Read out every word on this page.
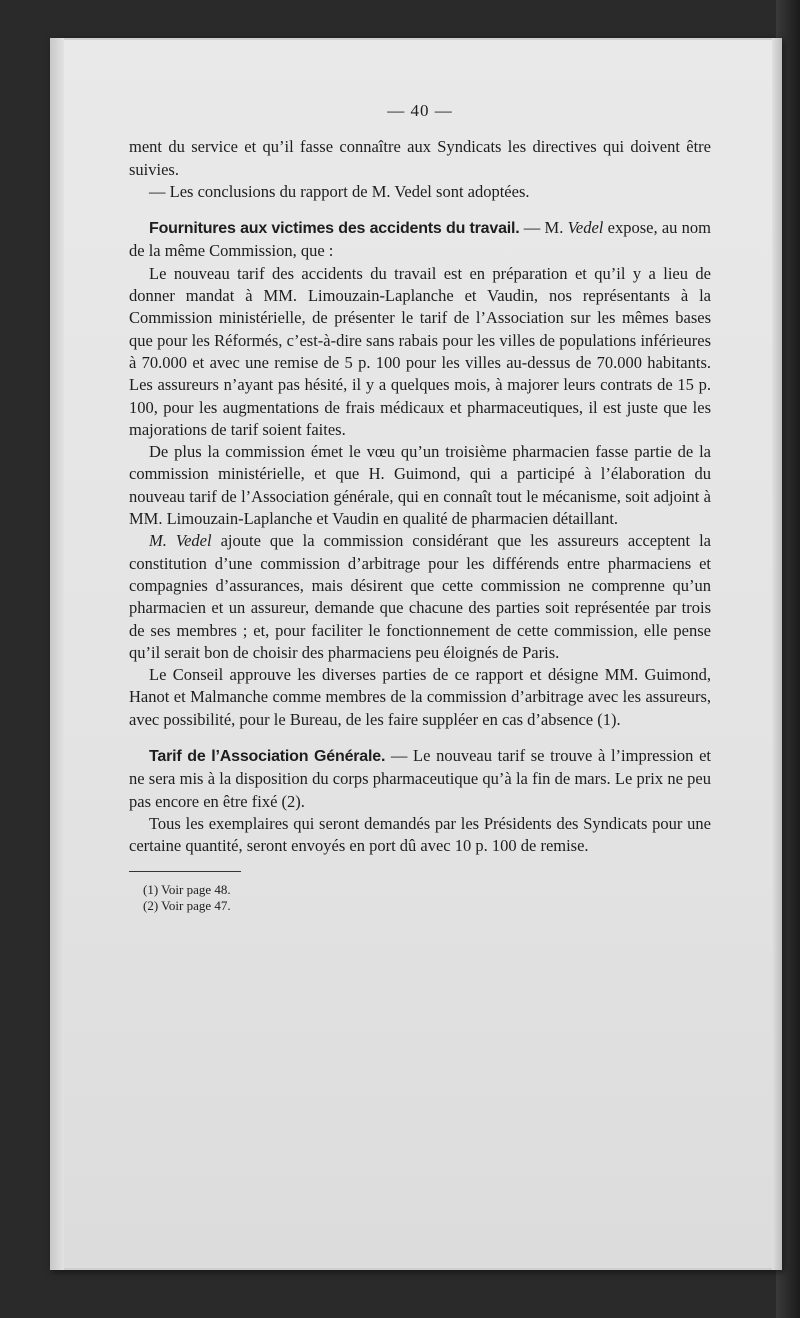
— 40 —

ment du service et qu’il fasse connaître aux Syndicats les directives qui doivent être suivies.

— Les conclusions du rapport de M. Vedel sont adoptées.

Fournitures aux victimes des accidents du travail. — M. Vedel expose, au nom de la même Commission, que :

Le nouveau tarif des accidents du travail est en préparation et qu’il y a lieu de donner mandat à MM. Limouzain-Laplanche et Vaudin, nos représentants à la Commission ministérielle, de présenter le tarif de l’Association sur les mêmes bases que pour les Réformés, c’est-à-dire sans rabais pour les villes de populations inférieures à 70.000 et avec une remise de 5 p. 100 pour les villes au-dessus de 70.000 habitants. Les assureurs n’ayant pas hésité, il y a quelques mois, à majorer leurs contrats de 15 p. 100, pour les augmentations de frais médicaux et pharmaceutiques, il est juste que les majorations de tarif soient faites.

De plus la commission émet le vœu qu’un troisième pharmacien fasse partie de la commission ministérielle, et que H. Guimond, qui a participé à l’élaboration du nouveau tarif de l’Association générale, qui en connaît tout le mécanisme, soit adjoint à MM. Limouzain-Laplanche et Vaudin en qualité de pharmacien détaillant.

M. Vedel ajoute que la commission considérant que les assureurs acceptent la constitution d’une commission d’arbitrage pour les différends entre pharmaciens et compagnies d’assurances, mais désirent que cette commission ne comprenne qu’un pharmacien et un assureur, demande que chacune des parties soit représentée par trois de ses membres ; et, pour faciliter le fonctionnement de cette commission, elle pense qu’il serait bon de choisir des pharmaciens peu éloignés de Paris.

Le Conseil approuve les diverses parties de ce rapport et désigne MM. Guimond, Hanot et Malmanche comme membres de la commission d’arbitrage avec les assureurs, avec possibilité, pour le Bureau, de les faire suppléer en cas d’absence (1).

Tarif de l’Association Générale. — Le nouveau tarif se trouve à l’impression et ne sera mis à la disposition du corps pharmaceutique qu’à la fin de mars. Le prix ne peu pas encore en être fixé (2).

Tous les exemplaires qui seront demandés par les Présidents des Syndicats pour une certaine quantité, seront envoyés en port dû avec 10 p. 100 de remise.

(1) Voir page 48.
(2) Voir page 47.
